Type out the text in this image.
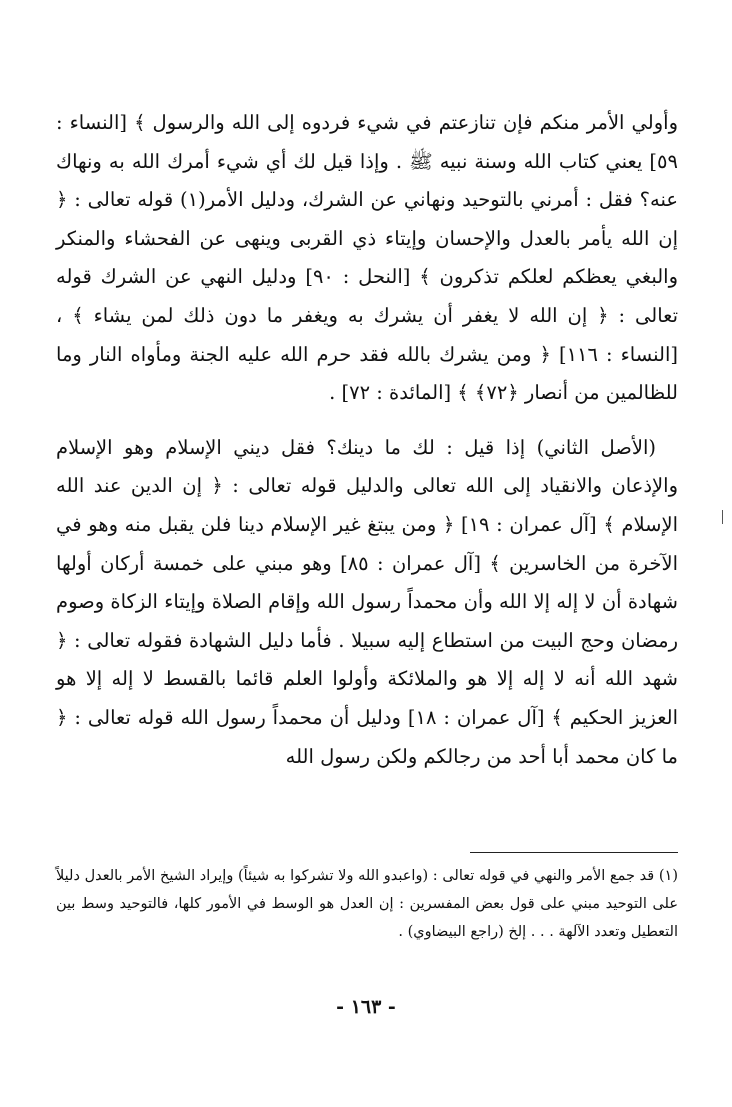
وأولي الأمر منكم فإن تنازعتم في شيء فردوه إلى الله والرسول ﴾ [النساء : ٥٩] يعني كتاب الله وسنة نبيه ﷺ . وإذا قيل لك أي شيء أمرك الله به ونهاك عنه؟ فقل : أمرني بالتوحيد ونهاني عن الشرك، ودليل الأمر(١) قوله تعالى : ﴿ إن الله يأمر بالعدل والإحسان وإيتاء ذي القربى وينهى عن الفحشاء والمنكر والبغي يعظكم لعلكم تذكرون ﴾ [النحل : ٩٠] ودليل النهي عن الشرك قوله تعالى : ﴿ إن الله لا يغفر أن يشرك به ويغفر ما دون ذلك لمن يشاء ﴾ ، [النساء : ١١٦] ﴿ ومن يشرك بالله فقد حرم الله عليه الجنة ومأواه النار وما للظالمين من أنصار ﴿٧٢﴾ ﴾ [المائدة : ٧٢] .

(الأصل الثاني) إذا قيل : لك ما دينك؟ فقل ديني الإسلام وهو الإسلام والإذعان والانقياد إلى الله تعالى والدليل قوله تعالى : ﴿ إن الدين عند الله الإسلام ﴾ [آل عمران : ١٩] ﴿ ومن يبتغ غير الإسلام دينا فلن يقبل منه وهو في الآخرة من الخاسرين ﴾ [آل عمران : ٨٥] وهو مبني على خمسة أركان أولها شهادة أن لا إله إلا الله وأن محمداً رسول الله وإقام الصلاة وإيتاء الزكاة وصوم رمضان وحج البيت من استطاع إليه سبيلا . فأما دليل الشهادة فقوله تعالى : ﴿ شهد الله أنه لا إله إلا هو والملائكة وأولوا العلم قائما بالقسط لا إله إلا هو العزيز الحكيم ﴾ [آل عمران : ١٨] ودليل أن محمداً رسول الله قوله تعالى : ﴿ ما كان محمد أبا أحد من رجالكم ولكن رسول الله

(١) قد جمع الأمر والنهي في قوله تعالى : (واعبدو الله ولا تشركوا به شيئاً) وإيراد الشيخ الأمر بالعدل دليلاً على التوحيد مبني على قول بعض المفسرين : إن العدل هو الوسط في الأمور كلها، فالتوحيد وسط بين التعطيل وتعدد الآلهة . . . إلخ (راجع البيضاوي) .

- ١٦٣ -
